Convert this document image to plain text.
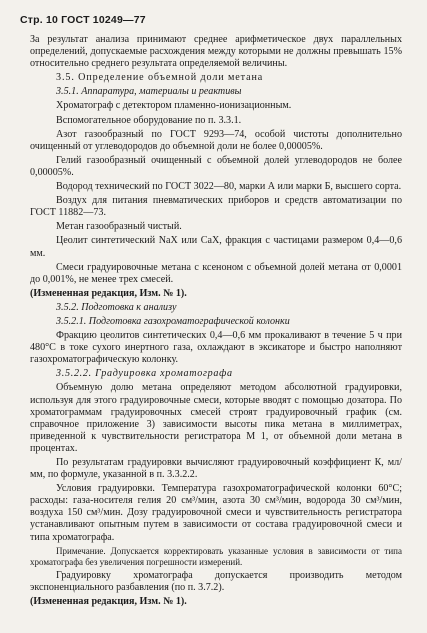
Стр. 10 ГОСТ 10249—77

За результат анализа принимают среднее арифметическое двух параллельных определений, допускаемые расхождения между которыми не должны превышать 15% относительно среднего результата определяемой величины.

3.5. Определение объемной доли метана

3.5.1. Аппаратура, материалы и реактивы

Хроматограф с детектором пламенно-ионизационным.

Вспомогательное оборудование по п. 3.3.1.

Азот газообразный по ГОСТ 9293—74, особой чистоты дополнительно очищенный от углеводородов до объемной доли не более 0,00005%.

Гелий газообразный очищенный с объемной долей углеводородов не более 0,00005%.

Водород технический по ГОСТ 3022—80, марки А или марки Б, высшего сорта.

Воздух для питания пневматических приборов и средств автоматизации по ГОСТ 11882—73.

Метан газообразный чистый.

Цеолит синтетический NaX или CaX, фракция с частицами размером 0,4—0,6 мм.

Смеси градуировочные метана с ксеноном с объемной долей метана от 0,0001 до 0,001%, не менее трех смесей.

(Измененная редакция, Изм. № 1).

3.5.2. Подготовка к анализу

3.5.2.1. Подготовка газохроматографической колонки

Фракцию цеолитов синтетических 0,4—0,6 мм прокаливают в течение 5 ч при 480°С в токе сухого инертного газа, охлаждают в эксикаторе и быстро наполняют газохроматографическую колонку.

3.5.2.2. Градуировка хроматографа

Объемную долю метана определяют методом абсолютной градуировки, используя для этого градуировочные смеси, которые вводят с помощью дозатора. По хроматограммам градуировочных смесей строят градуировочный график (см. справочное приложение 3) зависимости высоты пика метана в миллиметрах, приведенной к чувствительности регистратора М 1, от объемной доли метана в процентах.

По результатам градуировки вычисляют градуировочный коэффициент К, мл/мм, по формуле, указанной в п. 3.3.2.2.

Условия градуировки. Температура газохроматографической колонки 60°С; расходы: газа-носителя гелия 20 см³/мин, азота 30 см³/мин, водорода 30 см³/мин, воздуха 150 см³/мин. Дозу градуировочной смеси и чувствительность регистратора устанавливают опытным путем в зависимости от состава градуировочной смеси и типа хроматографа.

Примечание. Допускается корректировать указанные условия в зависимости от типа хроматографа без увеличения погрешности измерений.

Градуировку хроматографа допускается производить методом экспоненциального разбавления (по п. 3.7.2).

(Измененная редакция, Изм. № 1).
